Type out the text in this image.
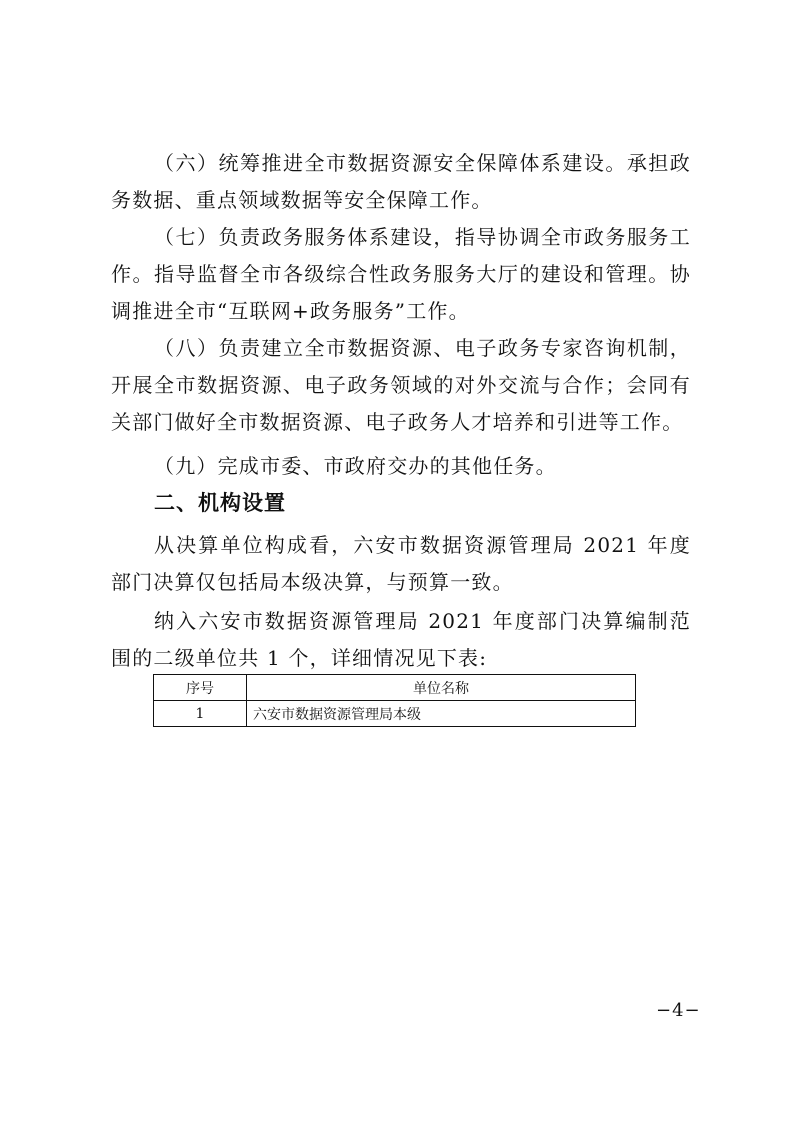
（六）统筹推进全市数据资源安全保障体系建设。承担政务数据、重点领域数据等安全保障工作。

（七）负责政务服务体系建设，指导协调全市政务服务工作。指导监督全市各级综合性政务服务大厅的建设和管理。协调推进全市“互联网+政务服务”工作。

（八）负责建立全市数据资源、电子政务专家咨询机制，开展全市数据资源、电子政务领域的对外交流与合作；会同有关部门做好全市数据资源、电子政务人才培养和引进等工作。

（九）完成市委、市政府交办的其他任务。

二、机构设置

从决算单位构成看，六安市数据资源管理局 2021 年度部门决算仅包括局本级决算，与预算一致。

纳入六安市数据资源管理局 2021 年度部门决算编制范围的二级单位共 1 个，详细情况见下表:

序号	单位名称
1	六安市数据资源管理局本级
−4−
